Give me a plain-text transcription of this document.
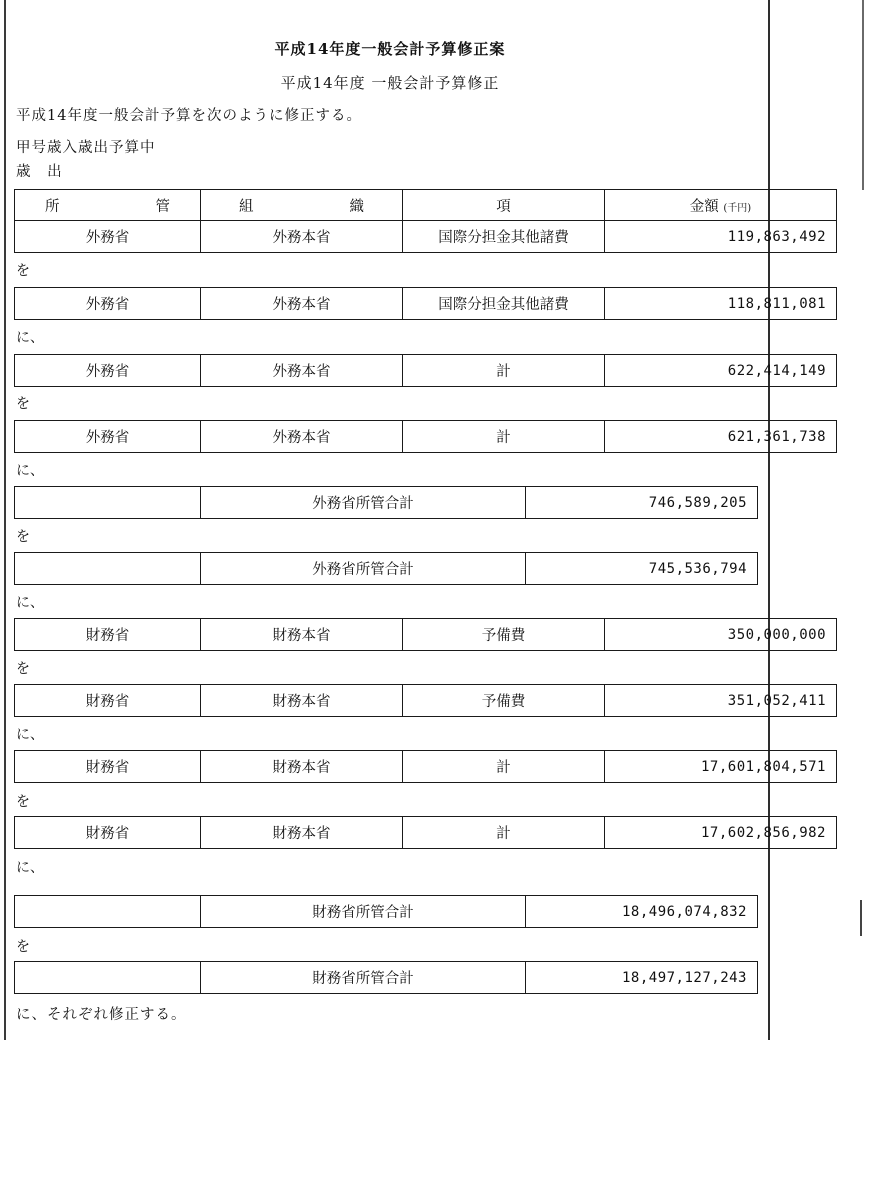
平成14年度一般会計予算修正案
平成14年度 一般会計予算修正
平成14年度一般会計予算を次のように修正する。
甲号歳入歳出予算中
歳 出
所 管	組 織	項	金額 (千円)
外務省	外務本省	国際分担金其他諸費	119,863,492
を
外務省	外務本省	国際分担金其他諸費	118,811,081
に、
外務省	外務本省	計	622,414,149
を
外務省	外務本省	計	621,361,738
に、
	外務省所管合計	746,589,205
を
	外務省所管合計	745,536,794
に、
財務省	財務本省	予備費	350,000,000
を
財務省	財務本省	予備費	351,052,411
に、
財務省	財務本省	計	17,601,804,571
を
財務省	財務本省	計	17,602,856,982
に、
	財務省所管合計	18,496,074,832
を
	財務省所管合計	18,497,127,243
に、それぞれ修正する。
